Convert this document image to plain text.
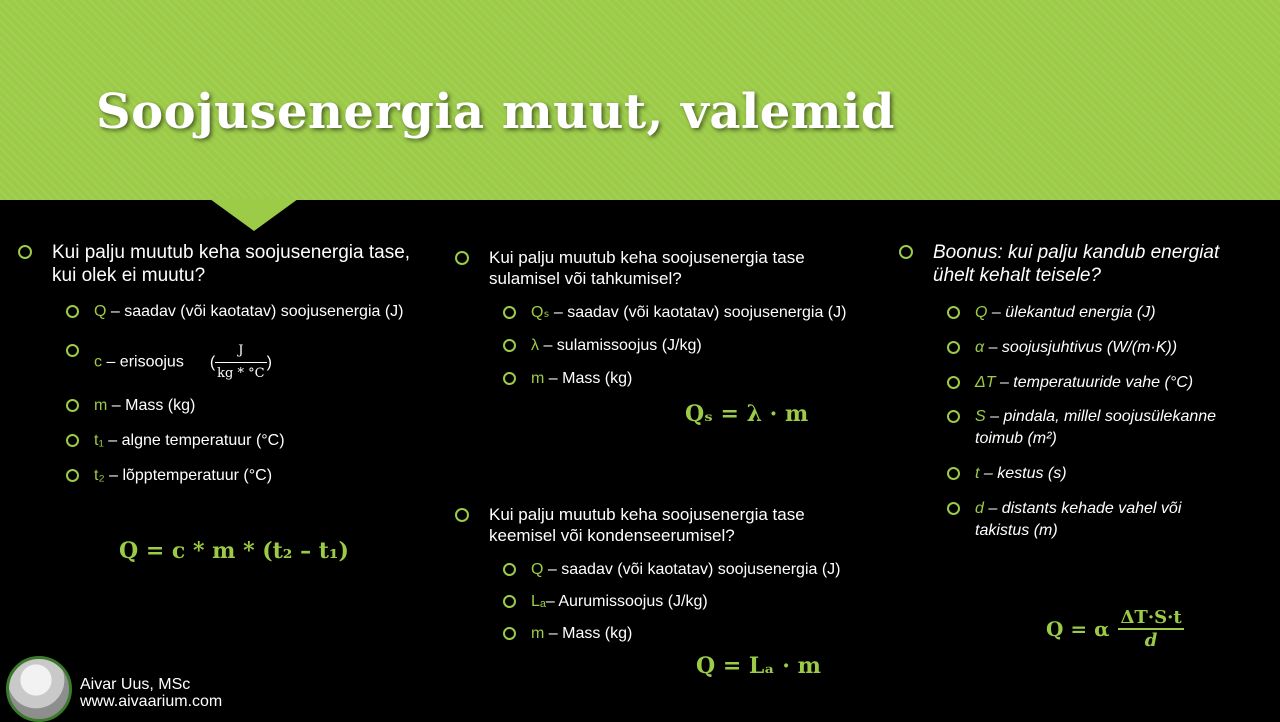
Soojusenergia muut, valemid
Kui palju muutub keha soojusenergia tase, kui olek ei muutu?
Q – saadav (või kaotatav) soojusenergia (J)
c – erisoojus ( $\frac{J}{kg * ^\circ C}$ )
m – Mass (kg)
t₁ – algne temperatuur (°C)
t₂ – lõpptemperatuur (°C)
Q = c * m * (t₂ – t₁)
Kui palju muutub keha soojusenergia tase sulamisel või tahkumisel?
Qₛ – saadav (või kaotatav) soojusenergia (J)
λ – sulamissoojus (J/kg)
m – Mass (kg)
Qₛ = λ · m
Kui palju muutub keha soojusenergia tase keemisel või kondenseerumisel?
Q – saadav (või kaotatav) soojusenergia (J)
Lₐ– Aurumissoojus (J/kg)
m – Mass (kg)
Q = Lₐ · m
Boonus: kui palju kandub energiat ühelt kehalt teisele?
Q – ülekantud energia (J)
α – soojusjuhtivus (W/(m·K))
ΔT – temperatuuride vahe (°C)
S – pindala, millel soojusülekanne toimub (m²)
t – kestus (s)
d – distants kehade vahel või takistus (m)
Q = α $\frac{\Delta T\cdot S\cdot t}{d}$
Aivar Uus, MSc
www.aivaarium.com
